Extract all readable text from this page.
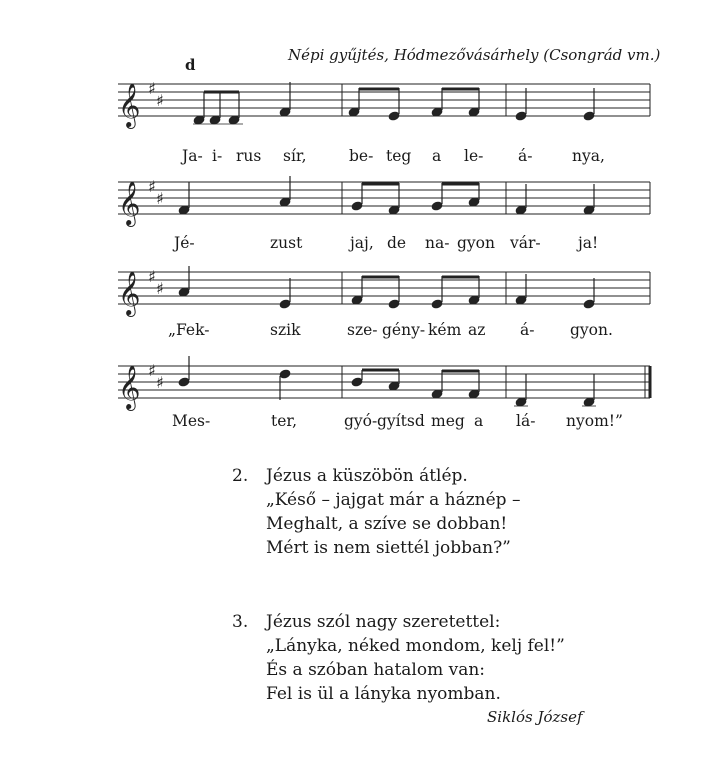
Népi gyűjtés, Hódmezővásárhely (Csongrád vm.)
d
𝄞 ♯
♯
𝄞 ♯
♯
𝄞 ♯
♯
𝄞 ♯
♯
Ja- i- rus sír,	be- teg a le- á-	nya,
Jé-	zust	jaj, de na- gyon vár- ja!
„Fek-	szik	sze- gény- kém az á- gyon.
Mes-	ter,	gyó- gyítsd meg a lá- nyom!”
2. Jézus a küszöbön átlép.
„Késő – jajgat már a háznép –
Meghalt, a szíve se dobban!
Mért is nem siettél jobban?”
3. Jézus szól nagy szeretettel:
„Lányka, néked mondom, kelj fel!”
És a szóban hatalom van:
Fel is ül a lányka nyomban.
Siklós József
